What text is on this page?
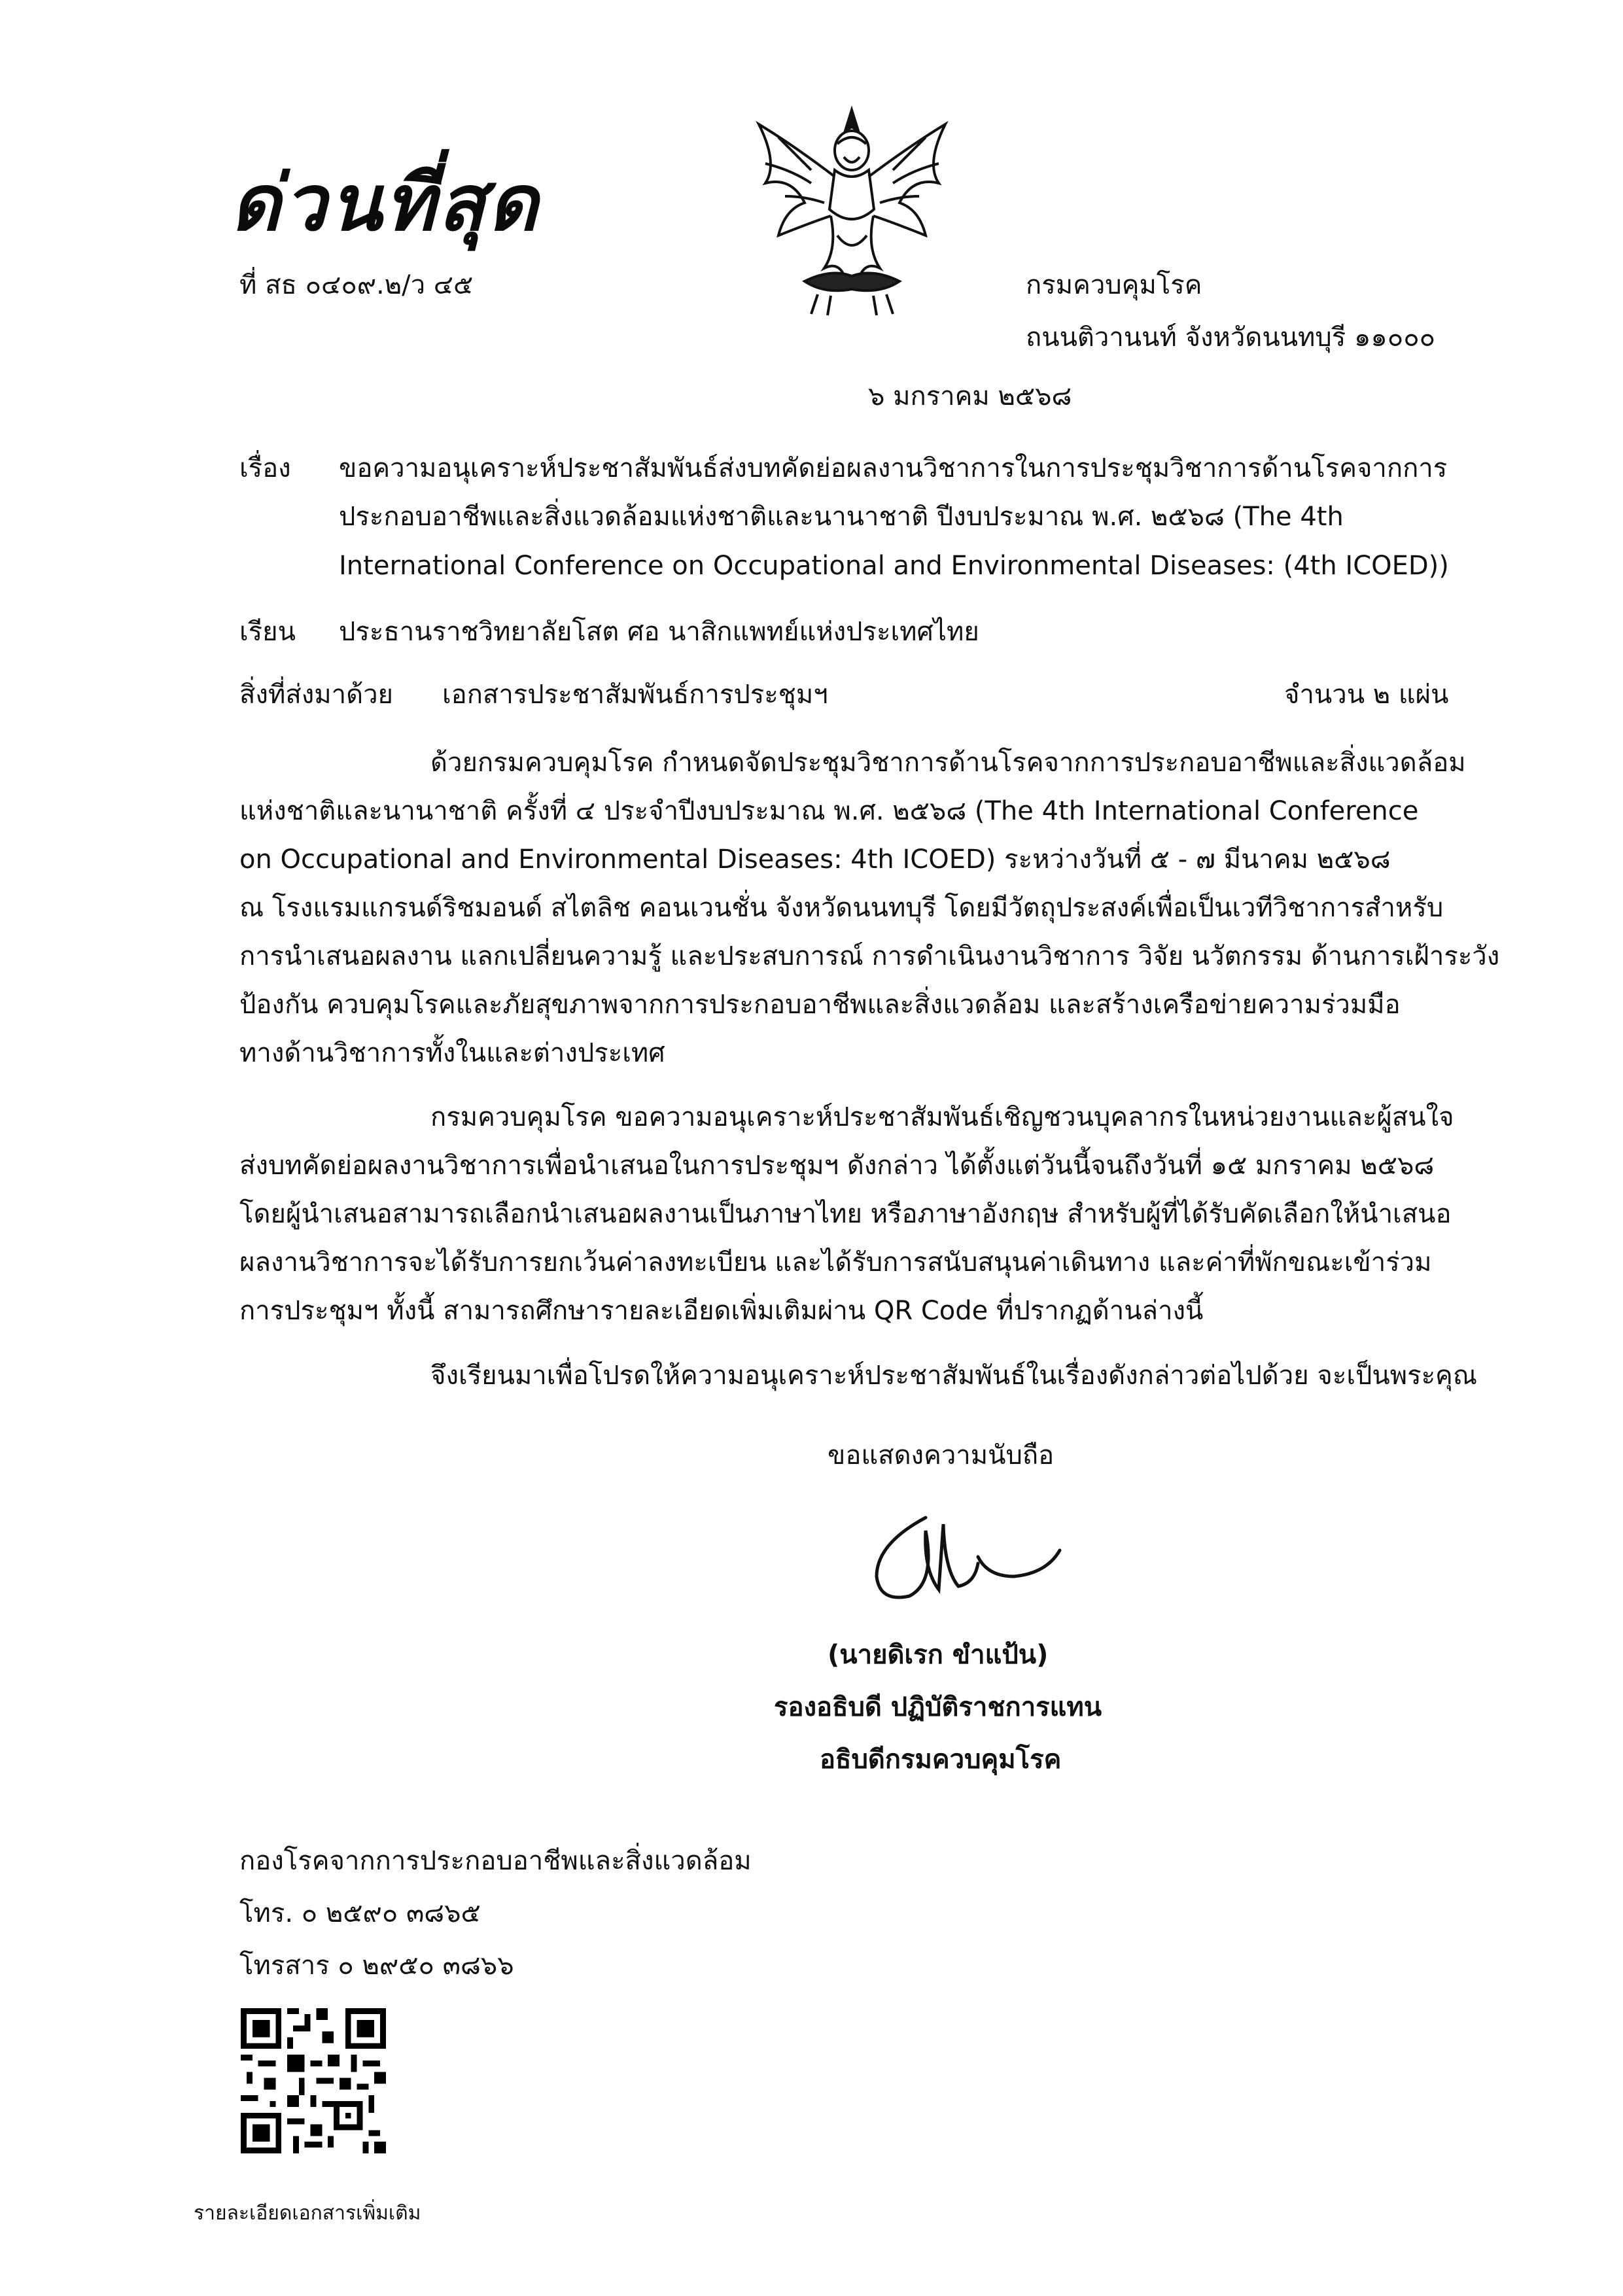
ด่วนที่สุด
ที่ สธ ๐๔๐๙.๒/ว ๔๕	กรมควบคุมโรค
ถนนติวานนท์ จังหวัดนนทบุรี ๑๑๐๐๐
๖ มกราคม ๒๕๖๘
เรื่อง ขอความอนุเคราะห์ประชาสัมพันธ์ส่งบทคัดย่อผลงานวิชาการในการประชุมวิชาการด้านโรคจากการ
ประกอบอาชีพและสิ่งแวดล้อมแห่งชาติและนานาชาติ ปีงบประมาณ พ.ศ. ๒๕๖๘ (The 4th
International Conference on Occupational and Environmental Diseases: (4th ICOED))
เรียน ประธานราชวิทยาลัยโสต ศอ นาสิกแพทย์แห่งประเทศไทย
สิ่งที่ส่งมาด้วย เอกสารประชาสัมพันธ์การประชุมฯ	จำนวน ๒ แผ่น
ด้วยกรมควบคุมโรค กำหนดจัดประชุมวิชาการด้านโรคจากการประกอบอาชีพและสิ่งแวดล้อม
แห่งชาติและนานาชาติ ครั้งที่ ๔ ประจำปีงบประมาณ พ.ศ. ๒๕๖๘ (The 4th International Conference
on Occupational and Environmental Diseases: 4th ICOED) ระหว่างวันที่ ๕ - ๗ มีนาคม ๒๕๖๘
ณ โรงแรมแกรนด์ริชมอนด์ สไตลิช คอนเวนชั่น จังหวัดนนทบุรี โดยมีวัตถุประสงค์เพื่อเป็นเวทีวิชาการสำหรับ
การนำเสนอผลงาน แลกเปลี่ยนความรู้ และประสบการณ์ การดำเนินงานวิชาการ วิจัย นวัตกรรม ด้านการเฝ้าระวัง
ป้องกัน ควบคุมโรคและภัยสุขภาพจากการประกอบอาชีพและสิ่งแวดล้อม และสร้างเครือข่ายความร่วมมือ
ทางด้านวิชาการทั้งในและต่างประเทศ
กรมควบคุมโรค ขอความอนุเคราะห์ประชาสัมพันธ์เชิญชวนบุคลากรในหน่วยงานและผู้สนใจ
ส่งบทคัดย่อผลงานวิชาการเพื่อนำเสนอในการประชุมฯ ดังกล่าว ได้ตั้งแต่วันนี้จนถึงวันที่ ๑๕ มกราคม ๒๕๖๘
โดยผู้นำเสนอสามารถเลือกนำเสนอผลงานเป็นภาษาไทย หรือภาษาอังกฤษ สำหรับผู้ที่ได้รับคัดเลือกให้นำเสนอ
ผลงานวิชาการจะได้รับการยกเว้นค่าลงทะเบียน และได้รับการสนับสนุนค่าเดินทาง และค่าที่พักขณะเข้าร่วม
การประชุมฯ ทั้งนี้ สามารถศึกษารายละเอียดเพิ่มเติมผ่าน QR Code ที่ปรากฏด้านล่างนี้
จึงเรียนมาเพื่อโปรดให้ความอนุเคราะห์ประชาสัมพันธ์ในเรื่องดังกล่าวต่อไปด้วย จะเป็นพระคุณ
ขอแสดงความนับถือ
(นายดิเรก ขำแป้น)
รองอธิบดี ปฏิบัติราชการแทน
อธิบดีกรมควบคุมโรค
กองโรคจากการประกอบอาชีพและสิ่งแวดล้อม
โทร. ๐ ๒๕๙๐ ๓๘๖๕
โทรสาร ๐ ๒๙๕๐ ๓๘๖๖
รายละเอียดเอกสารเพิ่มเติม
